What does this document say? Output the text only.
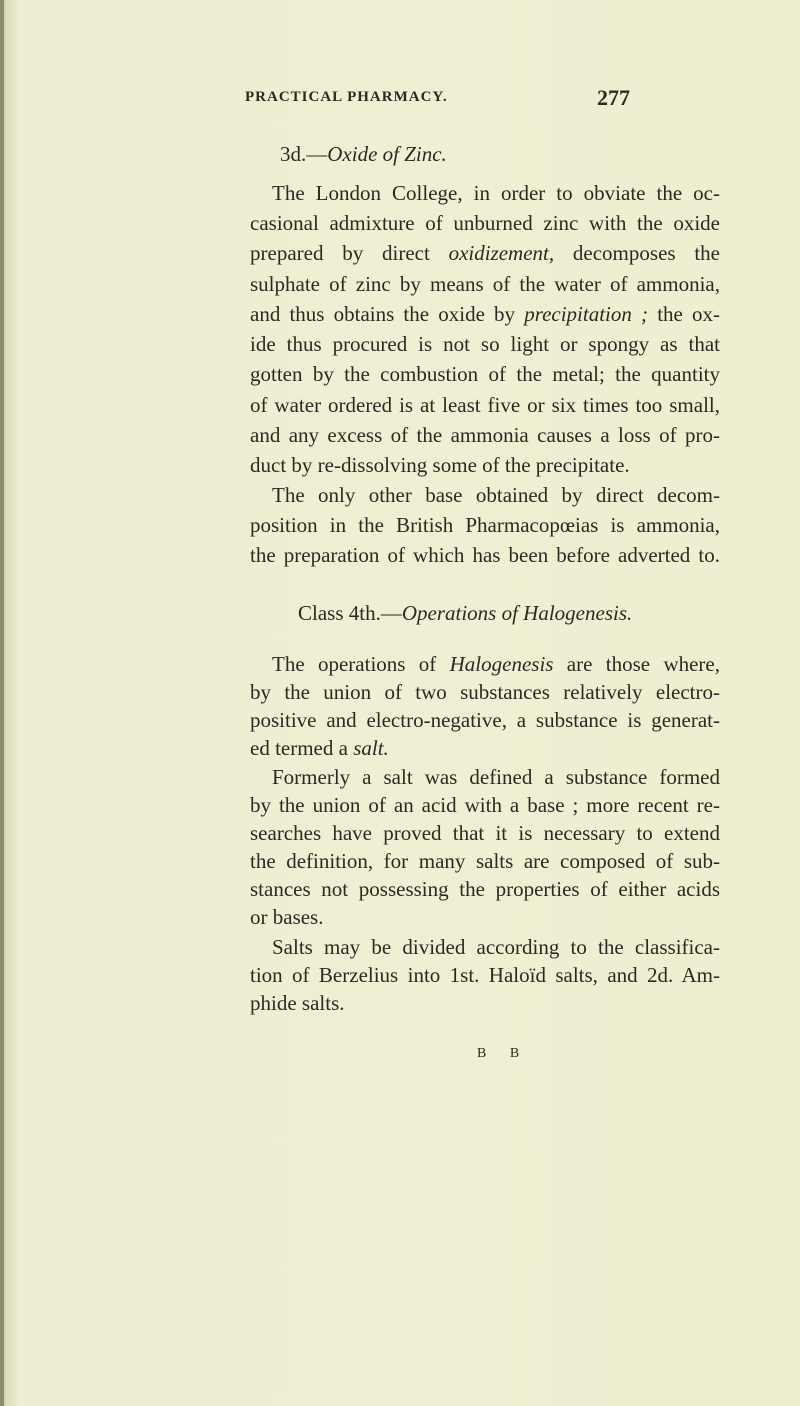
PRACTICAL PHARMACY.	277
3d.—Oxide of Zinc.
The London College, in order to obviate the oc-
casional admixture of unburned zinc with the oxide
prepared by direct oxidizement, decomposes the
sulphate of zinc by means of the water of ammonia,
and thus obtains the oxide by precipitation ; the ox-
ide thus procured is not so light or spongy as that
gotten by the combustion of the metal; the quantity
of water ordered is at least five or six times too small,
and any excess of the ammonia causes a loss of pro-
duct by re-dissolving some of the precipitate.
The only other base obtained by direct decom-
position in the British Pharmacopœias is ammonia,
the preparation of which has been before adverted to.
Class 4th.—Operations of Halogenesis.
The operations of Halogenesis are those where,
by the union of two substances relatively electro-
positive and electro-negative, a substance is generat-
ed termed a salt.
Formerly a salt was defined a substance formed
by the union of an acid with a base ; more recent re-
searches have proved that it is necessary to extend
the definition, for many salts are composed of sub-
stances not possessing the properties of either acids
or bases.
Salts may be divided according to the classifica-
tion of Berzelius into 1st. Haloïd salts, and 2d. Am-
phide salts.
B B
